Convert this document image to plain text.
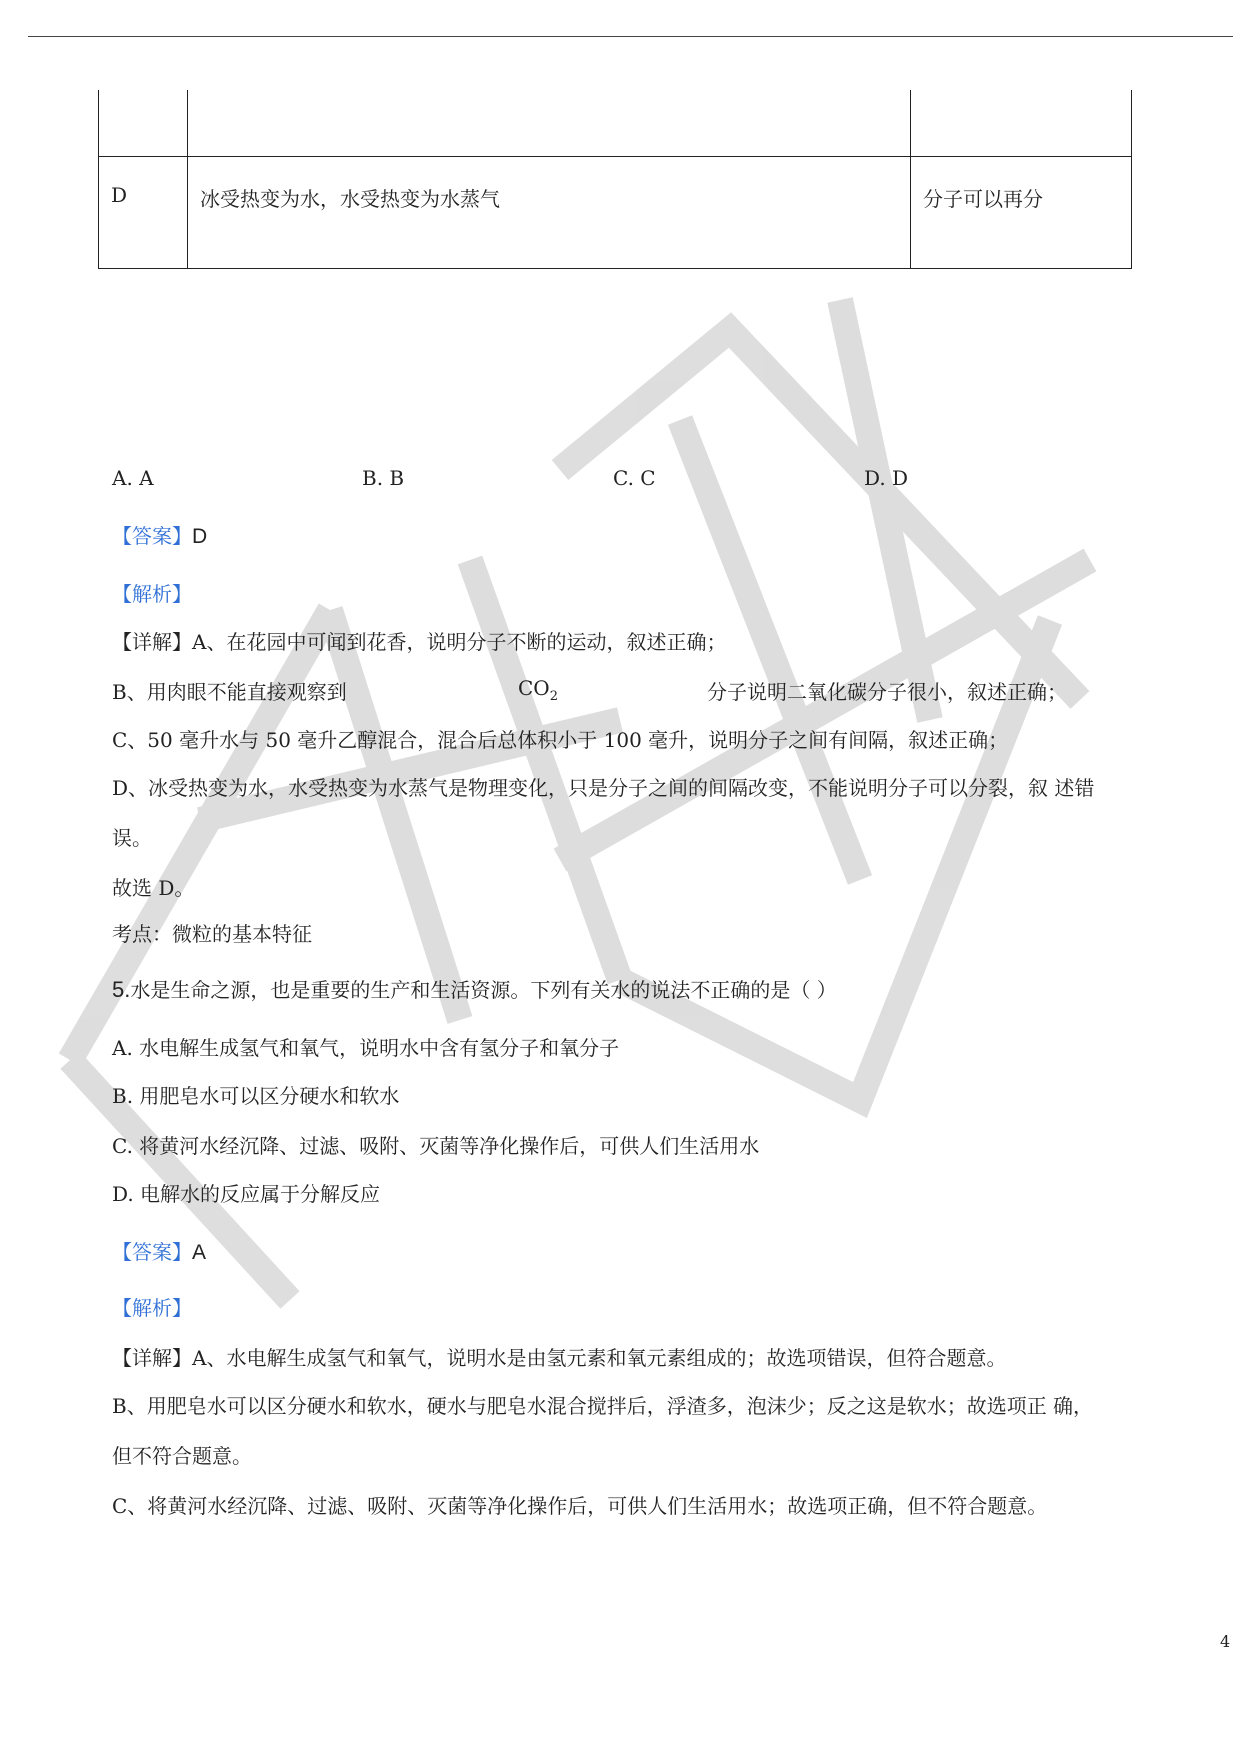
D	冰受热变为水，水受热变为水蒸气	分子可以再分
A. A	B. B	C. C	D. D
【答案】D
【解析】
【详解】A、在花园中可闻到花香，说明分子不断的运动，叙述正确；
B、用肉眼不能直接观察到	$CO_2$	分子说明二氧化碳分子很小，叙述正确；
C、50 毫升水与 50 毫升乙醇混合，混合后总体积小于 100 毫升，说明分子之间有间隔，叙述正确；
D、冰受热变为水，水受热变为水蒸气是物理变化，只是分子之间的间隔改变，不能说明分子可以分裂，叙 述错
误。
故选 D。
考点：微粒的基本特征
5.水是生命之源，也是重要的生产和生活资源。下列有关水的说法不正确的是（ ）
A. 水电解生成氢气和氧气，说明水中含有氢分子和氧分子
B. 用肥皂水可以区分硬水和软水
C. 将黄河水经沉降、过滤、吸附、灭菌等净化操作后，可供人们生活用水
D. 电解水的反应属于分解反应
【答案】A
【解析】
【详解】A、水电解生成氢气和氧气，说明水是由氢元素和氧元素组成的；故选项错误，但符合题意。
B、用肥皂水可以区分硬水和软水，硬水与肥皂水混合搅拌后，浮渣多，泡沫少；反之这是软水；故选项正 确，
但不符合题意。
C、将黄河水经沉降、过滤、吸附、灭菌等净化操作后，可供人们生活用水；故选项正确，但不符合题意。
4
